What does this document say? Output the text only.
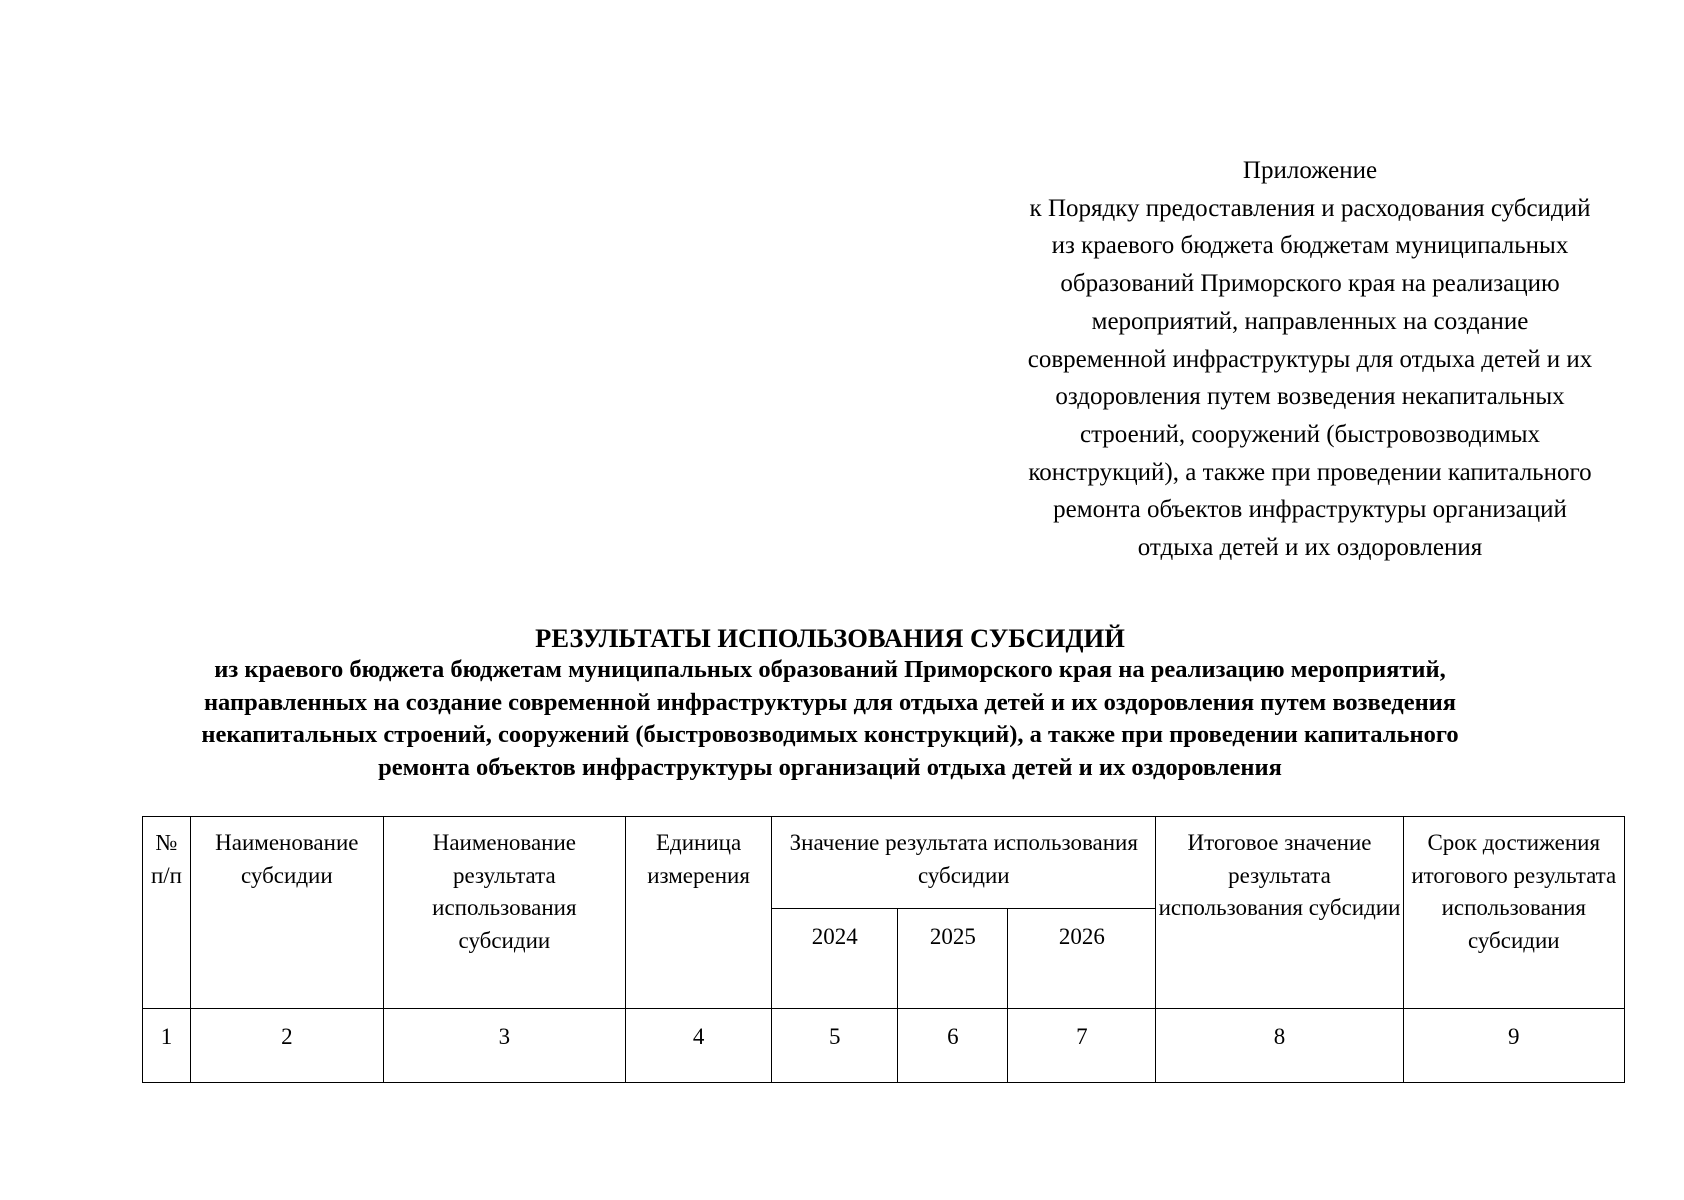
Приложение
к Порядку предоставления и расходования субсидий
из краевого бюджета бюджетам муниципальных
образований Приморского края на реализацию
мероприятий, направленных на создание
современной инфраструктуры для отдыха детей и их
оздоровления путем возведения некапитальных
строений, сооружений (быстровозводимых
конструкций), а также при проведении капитального
ремонта объектов инфраструктуры организаций
отдыха детей и их оздоровления
РЕЗУЛЬТАТЫ ИСПОЛЬЗОВАНИЯ СУБСИДИЙ
из краевого бюджета бюджетам муниципальных образований Приморского края на реализацию мероприятий,
направленных на создание современной инфраструктуры для отдыха детей и их оздоровления путем возведения
некапитальных строений, сооружений (быстровозводимых конструкций), а также при проведении капитального
ремонта объектов инфраструктуры организаций отдыха детей и их оздоровления
№ п/п	Наименование субсидии	Наименование результата использования субсидии	Единица измерения	Значение результата использования субсидии			Итоговое значение результата использования субсидии	Срок достижения итогового результата использования субсидии

				2024	2025	2026		
1	2	3	4	5	6	7	8	9
